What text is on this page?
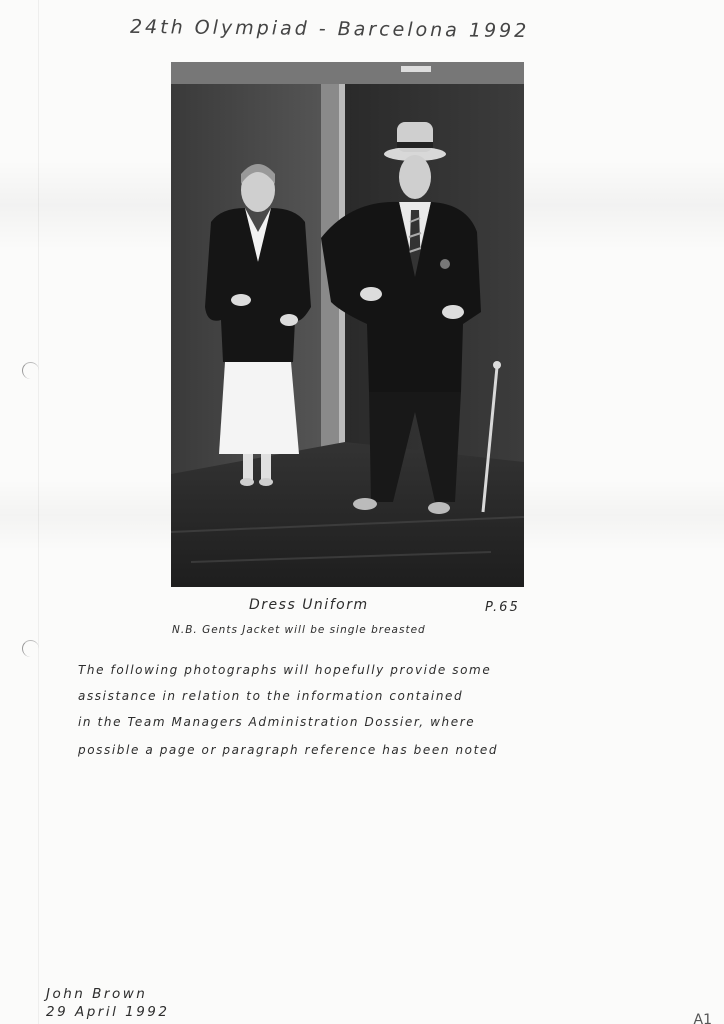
24th Olympiad - Barcelona 1992
Dress Uniform	P.65
N.B. Gents Jacket will be single breasted
The following photographs will hopefully provide some
assistance in relation to the information contained
in the Team Managers Administration Dossier, where
possible a page or paragraph reference has been noted
John Brown
29 April 1992	A1
